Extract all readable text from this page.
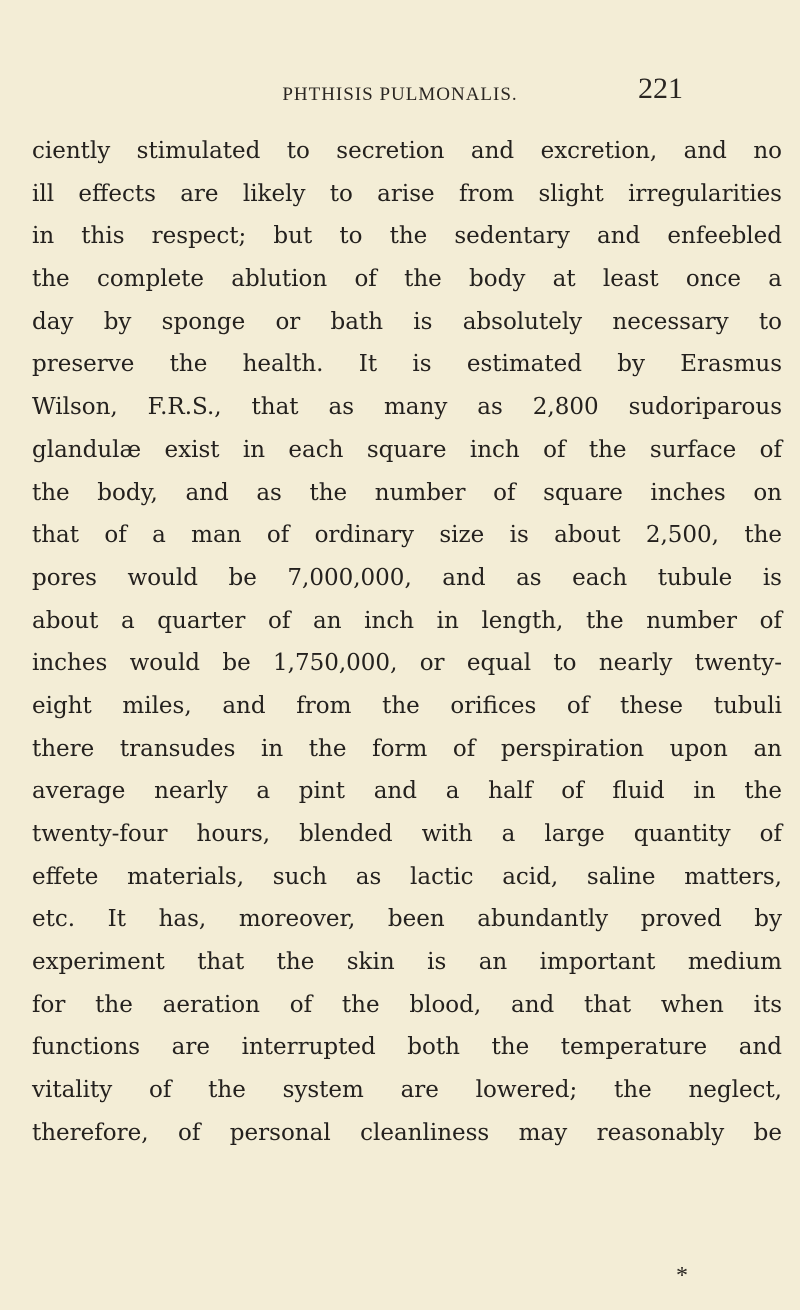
PHTHISIS PULMONALIS.	221
ciently stimulated to secretion and excretion, and no
ill effects are likely to arise from slight irregularities
in this respect; but to the sedentary and enfeebled
the complete ablution of the body at least once a
day by sponge or bath is absolutely necessary to
preserve the health. It is estimated by Erasmus
Wilson, F.R.S., that as many as 2,800 sudoriparous
glandulæ exist in each square inch of the surface of
the body, and as the number of square inches on
that of a man of ordinary size is about 2,500, the
pores would be 7,000,000, and as each tubule is
about a quarter of an inch in length, the number of
inches would be 1,750,000, or equal to nearly twenty-
eight miles, and from the orifices of these tubuli
there transudes in the form of perspiration upon an
average nearly a pint and a half of fluid in the
twenty-four hours, blended with a large quantity of
effete materials, such as lactic acid, saline matters,
etc. It has, moreover, been abundantly proved by
experiment that the skin is an important medium
for the aeration of the blood, and that when its
functions are interrupted both the temperature and
vitality of the system are lowered; the neglect,
therefore, of personal cleanliness may reasonably be
*
